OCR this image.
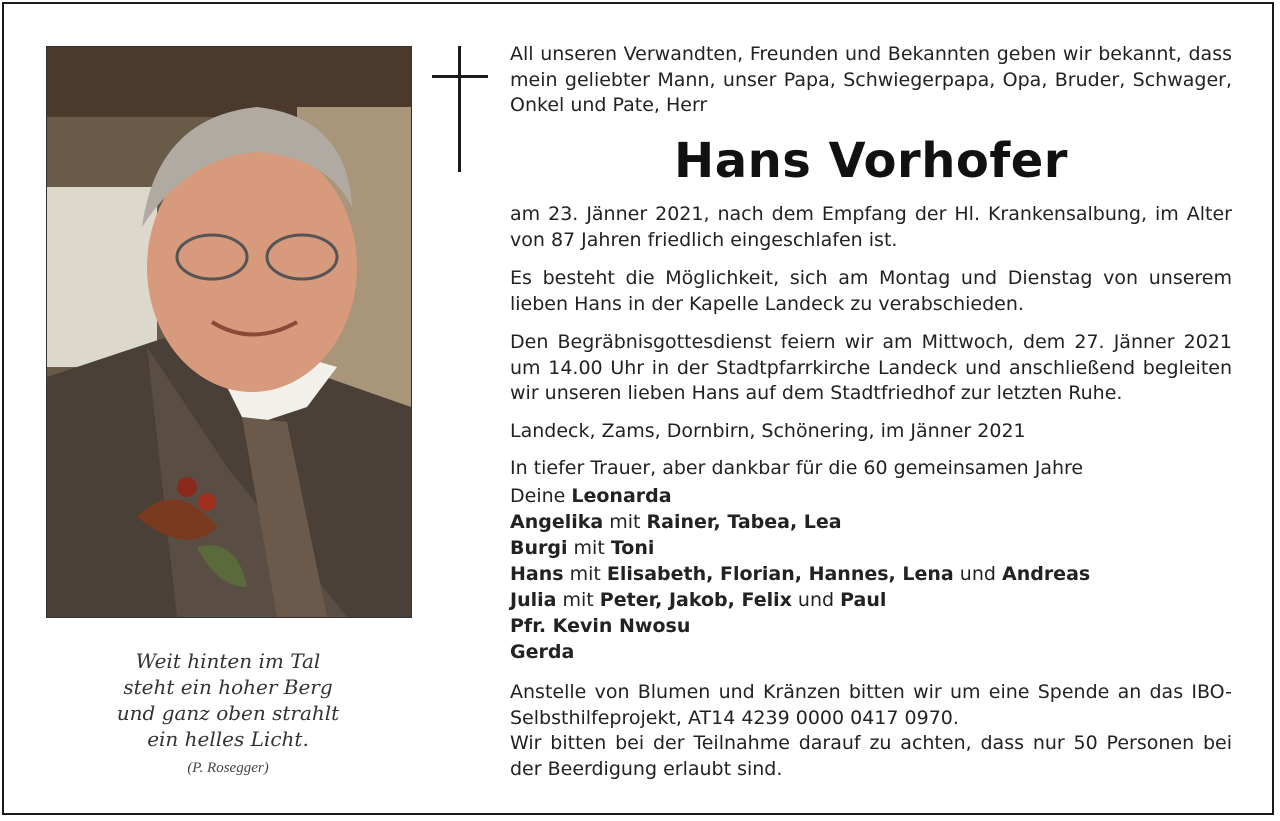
Weit hinten im Tal
steht ein hoher Berg
und ganz oben strahlt
ein helles Licht.
(P. Rosegger)
All unseren Verwandten, Freunden und Bekannten geben wir bekannt, dass mein geliebter Mann, unser Papa, Schwiegerpapa, Opa, Bruder, Schwager, Onkel und Pate, Herr
Hans Vorhofer
am 23. Jänner 2021, nach dem Empfang der Hl. Krankensalbung, im Alter von 87 Jahren friedlich eingeschlafen ist.
Es besteht die Möglichkeit, sich am Montag und Dienstag von unserem lieben Hans in der Kapelle Landeck zu verabschieden.
Den Begräbnisgottesdienst feiern wir am Mittwoch, dem 27. Jänner 2021 um 14.00 Uhr in der Stadtpfarrkirche Landeck und anschließend begleiten wir unseren lieben Hans auf dem Stadtfriedhof zur letzten Ruhe.
Landeck, Zams, Dornbirn, Schönering, im Jänner 2021
In tiefer Trauer, aber dankbar für die 60 gemeinsamen Jahre
Deine Leonarda
Angelika mit Rainer, Tabea, Lea
Burgi mit Toni
Hans mit Elisabeth, Florian, Hannes, Lena und Andreas
Julia mit Peter, Jakob, Felix und Paul
Pfr. Kevin Nwosu
Gerda
Anstelle von Blumen und Kränzen bitten wir um eine Spende an das IBO-Selbsthilfeprojekt, AT14 4239 0000 0417 0970.
Wir bitten bei der Teilnahme darauf zu achten, dass nur 50 Personen bei der Beerdigung erlaubt sind.
